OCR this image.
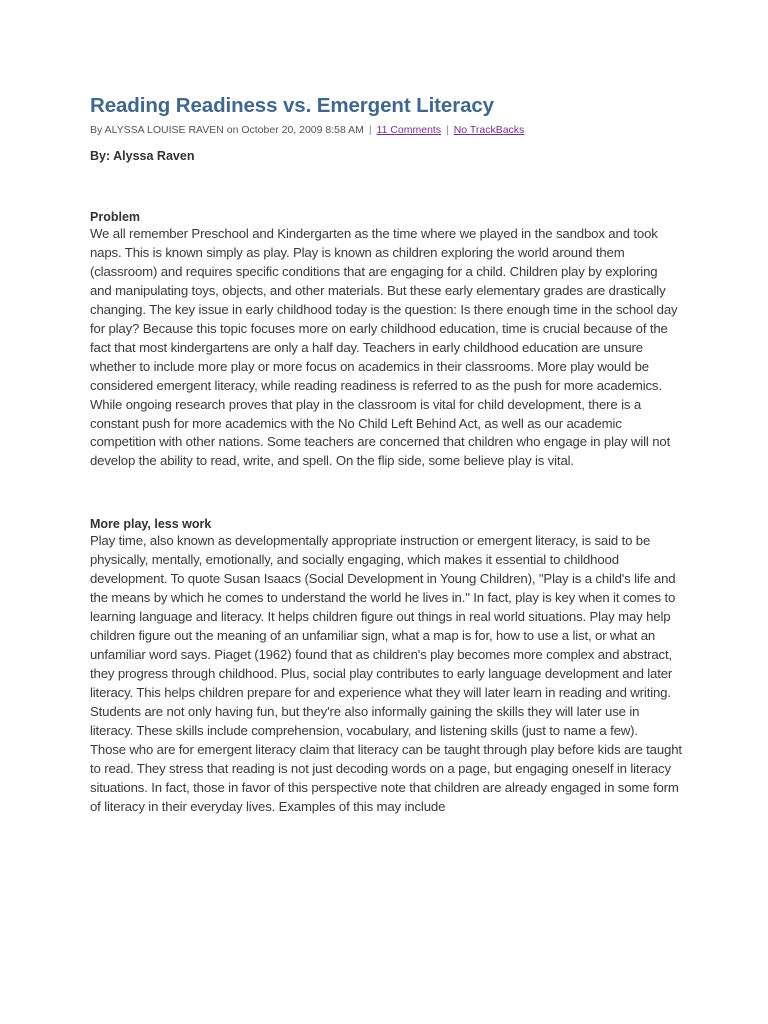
Reading Readiness vs. Emergent Literacy
By ALYSSA LOUISE RAVEN on October 20, 2009 8:58 AM | 11 Comments | No TrackBacks
By: Alyssa Raven
Problem

We all remember Preschool and Kindergarten as the time where we played in the sandbox and took naps. This is known simply as play. Play is known as children exploring the world around them (classroom) and requires specific conditions that are engaging for a child. Children play by exploring and manipulating toys, objects, and other materials. But these early elementary grades are drastically changing. The key issue in early childhood today is the question: Is there enough time in the school day for play? Because this topic focuses more on early childhood education, time is crucial because of the fact that most kindergartens are only a half day. Teachers in early childhood education are unsure whether to include more play or more focus on academics in their classrooms. More play would be considered emergent literacy, while reading readiness is referred to as the push for more academics. While ongoing research proves that play in the classroom is vital for child development, there is a constant push for more academics with the No Child Left Behind Act, as well as our academic competition with other nations. Some teachers are concerned that children who engage in play will not develop the ability to read, write, and spell. On the flip side, some believe play is vital.

More play, less work

Play time, also known as developmentally appropriate instruction or emergent literacy, is said to be physically, mentally, emotionally, and socially engaging, which makes it essential to childhood development. To quote Susan Isaacs (Social Development in Young Children), "Play is a child's life and the means by which he comes to understand the world he lives in." In fact, play is key when it comes to learning language and literacy. It helps children figure out things in real world situations. Play may help children figure out the meaning of an unfamiliar sign, what a map is for, how to use a list, or what an unfamiliar word says. Piaget (1962) found that as children's play becomes more complex and abstract, they progress through childhood. Plus, social play contributes to early language development and later literacy. This helps children prepare for and experience what they will later learn in reading and writing. Students are not only having fun, but they're also informally gaining the skills they will later use in literacy. These skills include comprehension, vocabulary, and listening skills (just to name a few).

Those who are for emergent literacy claim that literacy can be taught through play before kids are taught to read. They stress that reading is not just decoding words on a page, but engaging oneself in literacy situations. In fact, those in favor of this perspective note that children are already engaged in some form of literacy in their everyday lives. Examples of this may include
